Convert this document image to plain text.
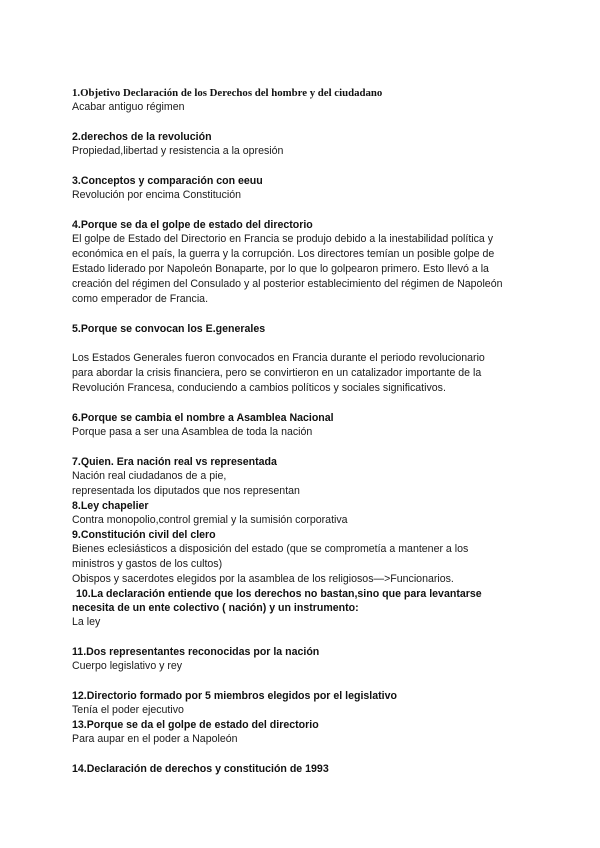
1.Objetivo Declaración de los Derechos del hombre y del ciudadano

Acabar antiguo régimen

2.derechos de la revolución

Propiedad,libertad y resistencia a la opresión

3.Conceptos y comparación con eeuu

Revolución por encima Constitución

4.Porque se da el golpe de estado del directorio

El golpe de Estado del Directorio en Francia se produjo debido a la inestabilidad política y

económica en el país, la guerra y la corrupción. Los directores temían un posible golpe de

Estado liderado por Napoleón Bonaparte, por lo que lo golpearon primero. Esto llevó a la

creación del régimen del Consulado y al posterior establecimiento del régimen de Napoleón

como emperador de Francia.

5.Porque se convocan los E.generales

Los Estados Generales fueron convocados en Francia durante el periodo revolucionario

para abordar la crisis financiera, pero se convirtieron en un catalizador importante de la

Revolución Francesa, conduciendo a cambios políticos y sociales significativos.

6.Porque se cambia el nombre a Asamblea Nacional

Porque pasa a ser una Asamblea de toda la nación

7.Quien. Era nación real vs representada

Nación real ciudadanos de a pie,

representada los diputados que nos representan

8.Ley chapelier

Contra monopolio,control gremial y la sumisión corporativa

9.Constitución civil del clero

Bienes eclesiásticos a disposición del estado (que se comprometía a mantener a los

ministros y gastos de los cultos)

Obispos y sacerdotes elegidos por la asamblea de los religiosos—>Funcionarios.

10.La declaración entiende que los derechos no bastan,sino que para levantarse

necesita de un ente colectivo ( nación) y un instrumento:

La ley

11.Dos representantes reconocidas por la nación

Cuerpo legislativo y rey

12.Directorio formado por 5 miembros elegidos por el legislativo

Tenía el poder ejecutivo

13.Porque se da el golpe de estado del directorio

Para aupar en el poder a Napoleón

14.Declaración de derechos y constitución de 1993
